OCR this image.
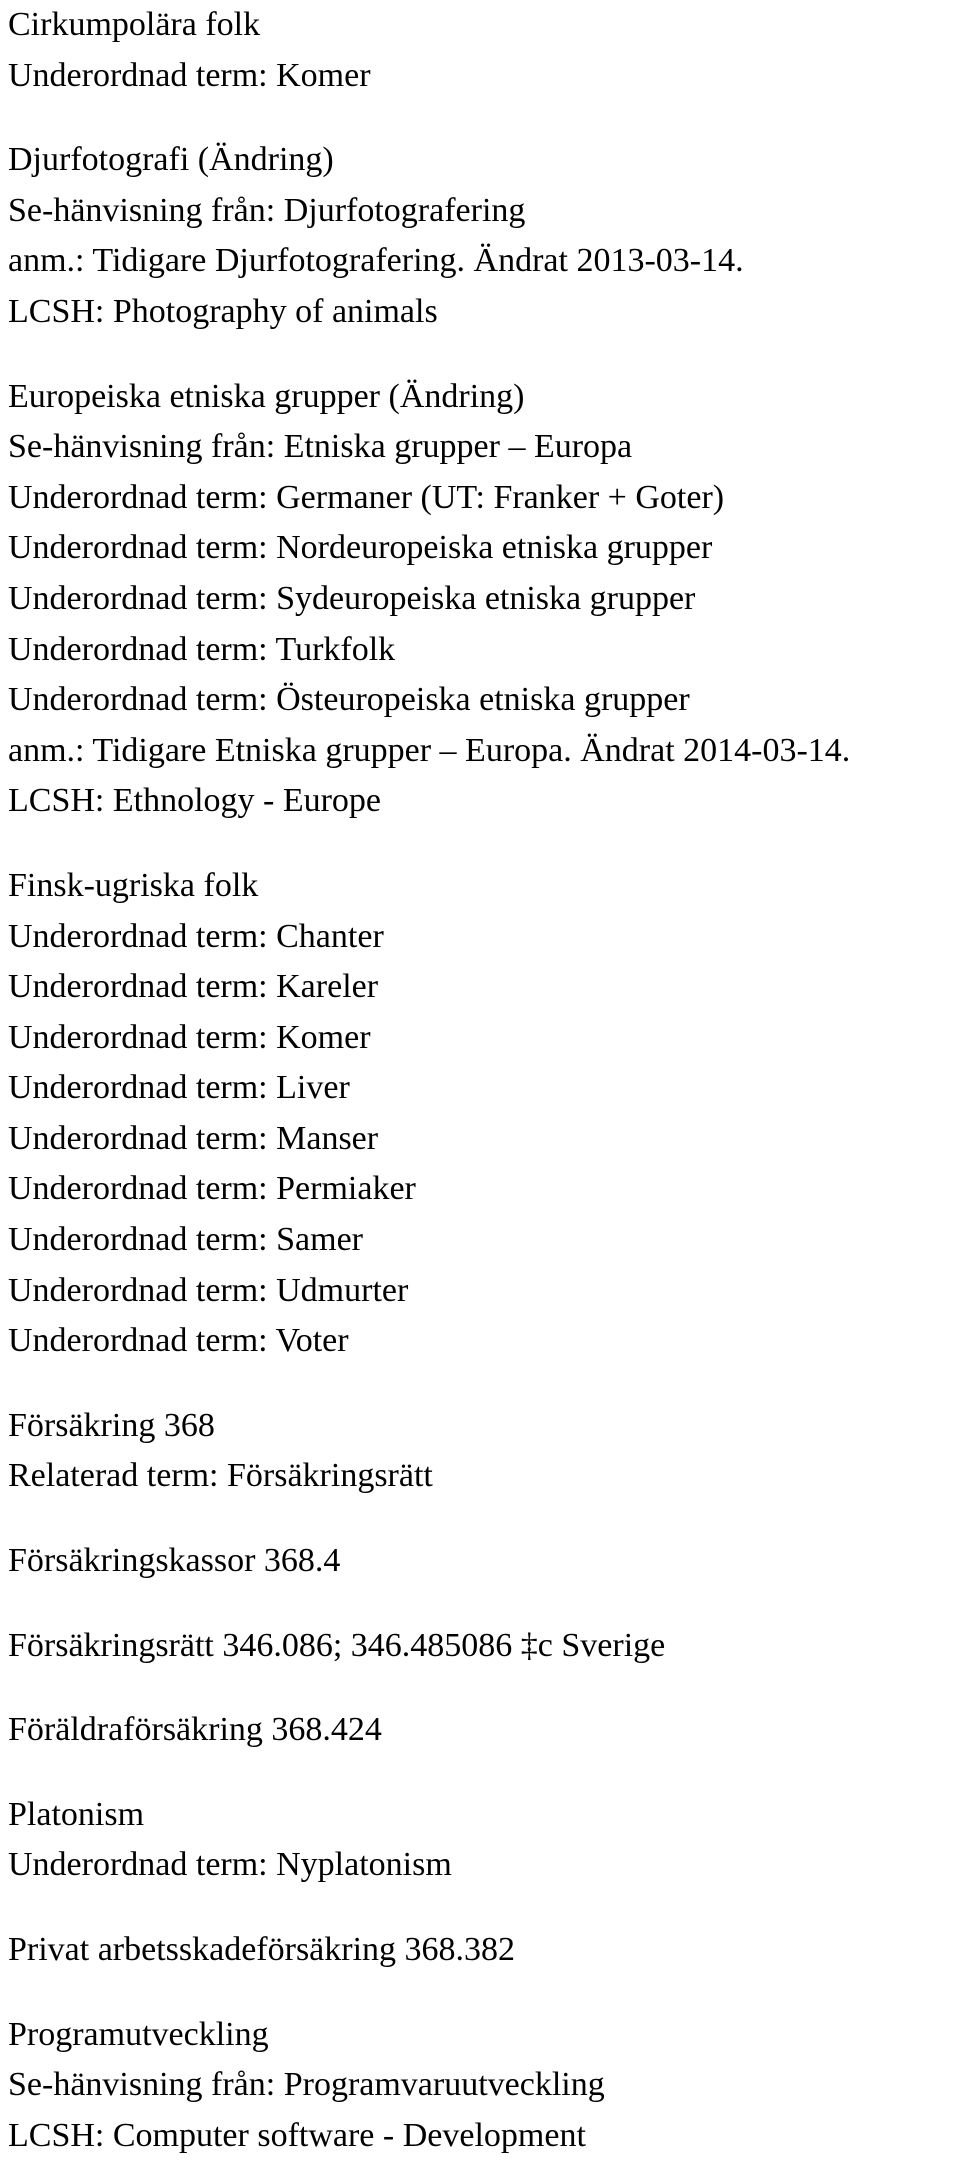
Cirkumpolära folk
Underordnad term: Komer
Djurfotografi (Ändring)
Se-hänvisning från: Djurfotografering
anm.: Tidigare Djurfotografering. Ändrat 2013-03-14.
LCSH: Photography of animals
Europeiska etniska grupper (Ändring)
Se-hänvisning från: Etniska grupper – Europa
Underordnad term: Germaner (UT: Franker + Goter)
Underordnad term: Nordeuropeiska etniska grupper
Underordnad term: Sydeuropeiska etniska grupper
Underordnad term: Turkfolk
Underordnad term: Östeuropeiska etniska grupper
anm.: Tidigare Etniska grupper – Europa. Ändrat 2014-03-14.
LCSH: Ethnology - Europe
Finsk-ugriska folk
Underordnad term: Chanter
Underordnad term: Kareler
Underordnad term: Komer
Underordnad term: Liver
Underordnad term: Manser
Underordnad term: Permiaker
Underordnad term: Samer
Underordnad term: Udmurter
Underordnad term: Voter
Försäkring 368
Relaterad term: Försäkringsrätt
Försäkringskassor 368.4
Försäkringsrätt 346.086; 346.485086 ‡c Sverige
Föräldraförsäkring 368.424
Platonism
Underordnad term: Nyplatonism
Privat arbetsskadeförsäkring 368.382
Programutveckling
Se-hänvisning från: Programvaruutveckling
LCSH: Computer software - Development
